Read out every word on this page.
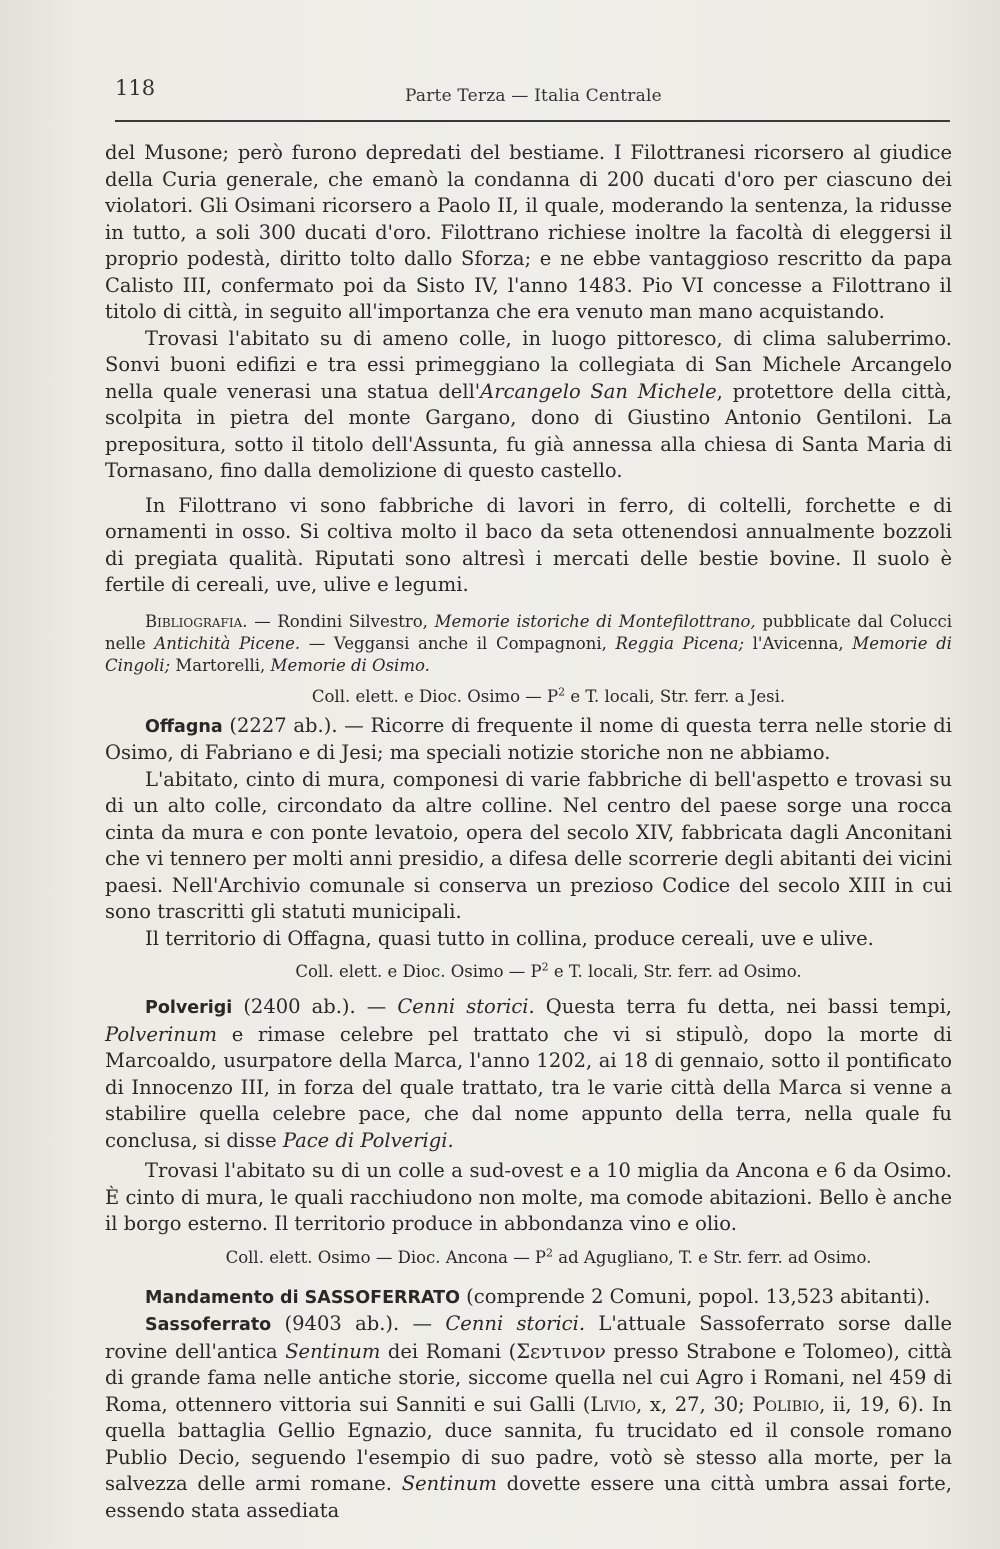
118	Parte Terza — Italia Centrale

del Musone; però furono depredati del bestiame. I Filottranesi ricorsero al giudice della Curia generale, che emanò la condanna di 200 ducati d'oro per ciascuno dei violatori. Gli Osimani ricorsero a Paolo II, il quale, moderando la sentenza, la ridusse in tutto, a soli 300 ducati d'oro. Filottrano richiese inoltre la facoltà di eleggersi il proprio podestà, diritto tolto dallo Sforza; e ne ebbe vantaggioso rescritto da papa Calisto III, confermato poi da Sisto IV, l'anno 1483. Pio VI concesse a Filottrano il titolo di città, in seguito all'importanza che era venuto man mano acquistando.

Trovasi l'abitato su di ameno colle, in luogo pittoresco, di clima saluberrimo. Sonvi buoni edifizi e tra essi primeggiano la collegiata di San Michele Arcangelo nella quale venerasi una statua dell'Arcangelo San Michele, protettore della città, scolpita in pietra del monte Gargano, dono di Giustino Antonio Gentiloni. La prepositura, sotto il titolo dell'Assunta, fu già annessa alla chiesa di Santa Maria di Tornasano, fino dalla demolizione di questo castello.

In Filottrano vi sono fabbriche di lavori in ferro, di coltelli, forchette e di ornamenti in osso. Si coltiva molto il baco da seta ottenendosi annualmente bozzoli di pregiata qualità. Riputati sono altresì i mercati delle bestie bovine. Il suolo è fertile di cereali, uve, ulive e legumi.

Bibliografia. — Rondini Silvestro, Memorie istoriche di Montefilottrano, pubblicate dal Colucci nelle Antichità Picene. — Veggansi anche il Compagnoni, Reggia Picena; l'Avicenna, Memorie di Cingoli; Martorelli, Memorie di Osimo.

Coll. elett. e Dioc. Osimo — $P^2$ e T. locali, Str. ferr. a Jesi.

Offagna (2227 ab.). — Ricorre di frequente il nome di questa terra nelle storie di Osimo, di Fabriano e di Jesi; ma speciali notizie storiche non ne abbiamo.

L'abitato, cinto di mura, componesi di varie fabbriche di bell'aspetto e trovasi su di un alto colle, circondato da altre colline. Nel centro del paese sorge una rocca cinta da mura e con ponte levatoio, opera del secolo XIV, fabbricata dagli Anconitani che vi tennero per molti anni presidio, a difesa delle scorrerie degli abitanti dei vicini paesi. Nell'Archivio comunale si conserva un prezioso Codice del secolo XIII in cui sono trascritti gli statuti municipali.

Il territorio di Offagna, quasi tutto in collina, produce cereali, uve e ulive.

Coll. elett. e Dioc. Osimo — $P^2$ e T. locali, Str. ferr. ad Osimo.

Polverigi (2400 ab.). — Cenni storici. Questa terra fu detta, nei bassi tempi, Polverinum e rimase celebre pel trattato che vi si stipulò, dopo la morte di Marcoaldo, usurpatore della Marca, l'anno 1202, ai 18 di gennaio, sotto il pontificato di Innocenzo III, in forza del quale trattato, tra le varie città della Marca si venne a stabilire quella celebre pace, che dal nome appunto della terra, nella quale fu conclusa, si disse Pace di Polverigi.

Trovasi l'abitato su di un colle a sud-ovest e a 10 miglia da Ancona e 6 da Osimo. È cinto di mura, le quali racchiudono non molte, ma comode abitazioni. Bello è anche il borgo esterno. Il territorio produce in abbondanza vino e olio.

Coll. elett. Osimo — Dioc. Ancona — $P^2$ ad Agugliano, T. e Str. ferr. ad Osimo.

Mandamento di SASSOFERRATO (comprende 2 Comuni, popol. 13,523 abitanti).

Sassoferrato (9403 ab.). — Cenni storici. L'attuale Sassoferrato sorse dalle rovine dell'antica Sentinum dei Romani (Σεντινον presso Strabone e Tolomeo), città di grande fama nelle antiche storie, siccome quella nel cui Agro i Romani, nel 459 di Roma, ottennero vittoria sui Sanniti e sui Galli (Livio, x, 27, 30; Polibio, ii, 19, 6). In quella battaglia Gellio Egnazio, duce sannita, fu trucidato ed il console romano Publio Decio, seguendo l'esempio di suo padre, votò sè stesso alla morte, per la salvezza delle armi romane. Sentinum dovette essere una città umbra assai forte, essendo stata assediata
